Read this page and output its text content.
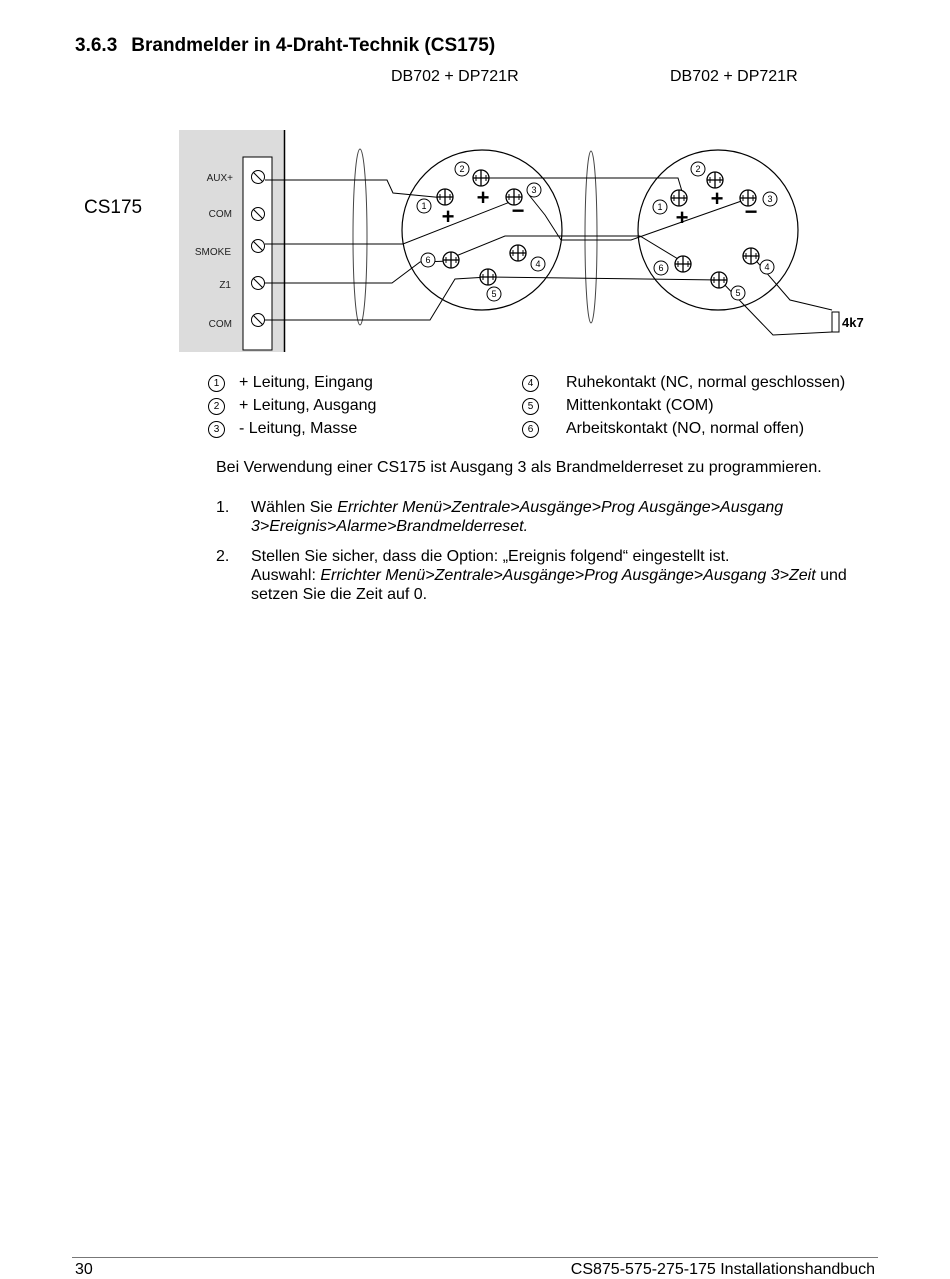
3.6.3 Brandmelder in 4-Draht-Technik (CS175)
DB702 + DP721R	DB702 + DP721R
CS175
AUX+
COM
SMOKE
Z1
COM	4k7
+
+
−	+
+
−
1
2
3
4
5
6
1
2
3
4
5
6
1	+ Leitung, Eingang
2	+ Leitung, Ausgang
3	- Leitung, Masse
4	Ruhekontakt (NC, normal geschlossen)
5	Mittenkontakt (COM)
6	Arbeitskontakt (NO, normal offen)
Bei Verwendung einer CS175 ist Ausgang 3 als Brandmelderreset zu programmieren.
1. Wählen Sie Errichter Menü>Zentrale>Ausgänge>Prog Ausgänge>Ausgang
3>Ereignis>Alarme>Brandmelderreset.
2. Stellen Sie sicher, dass die Option: „Ereignis folgend“ eingestellt ist.
Auswahl: Errichter Menü>Zentrale>Ausgänge>Prog Ausgänge>Ausgang 3>Zeit und
setzen Sie die Zeit auf 0.
30	CS875-575-275-175 Installationshandbuch
